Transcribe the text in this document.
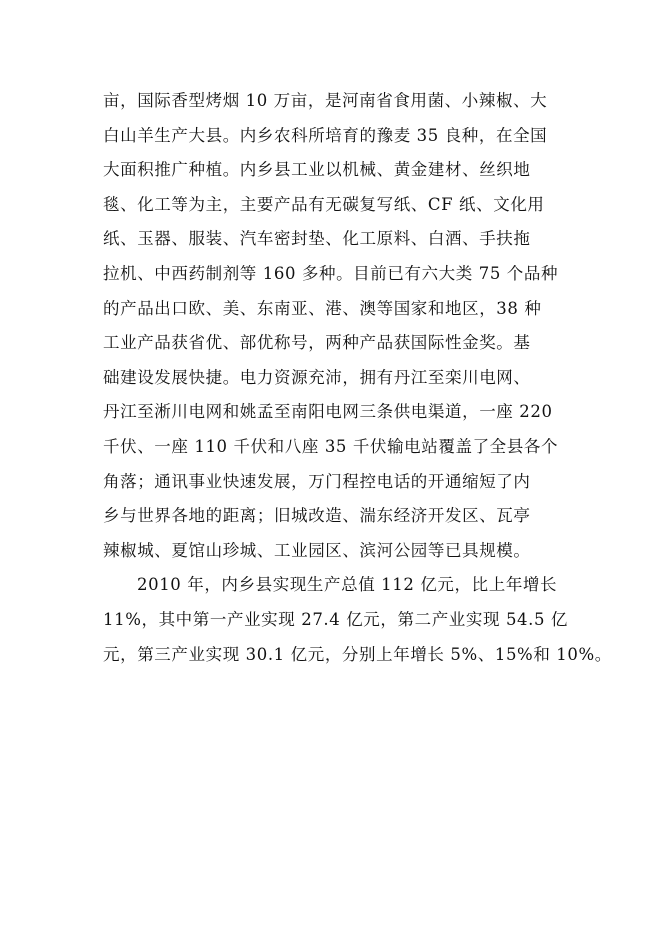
亩，国际香型烤烟 10 万亩，是河南省食用菌、小辣椒、大
白山羊生产大县。内乡农科所培育的豫麦 35 良种，在全国
大面积推广种植。内乡县工业以机械、黄金建材、丝织地
毯、化工等为主，主要产品有无碳复写纸、CF 纸、文化用
纸、玉器、服装、汽车密封垫、化工原料、白酒、手扶拖
拉机、中西药制剂等 160 多种。目前已有六大类 75 个品种
的产品出口欧、美、东南亚、港、澳等国家和地区，38 种
工业产品获省优、部优称号，两种产品获国际性金奖。基
础建设发展快捷。电力资源充沛，拥有丹江至栾川电网、
丹江至淅川电网和姚孟至南阳电网三条供电渠道，一座 220
千伏、一座 110 千伏和八座 35 千伏输电站覆盖了全县各个
角落；通讯事业快速发展，万门程控电话的开通缩短了内
乡与世界各地的距离；旧城改造、湍东经济开发区、瓦亭
辣椒城、夏馆山珍城、工业园区、滨河公园等已具规模。
2010 年，内乡县实现生产总值 112 亿元，比上年增长
11%，其中第一产业实现 27.4 亿元，第二产业实现 54.5 亿
元，第三产业实现 30.1 亿元，分别上年增长 5%、15%和 10%。
